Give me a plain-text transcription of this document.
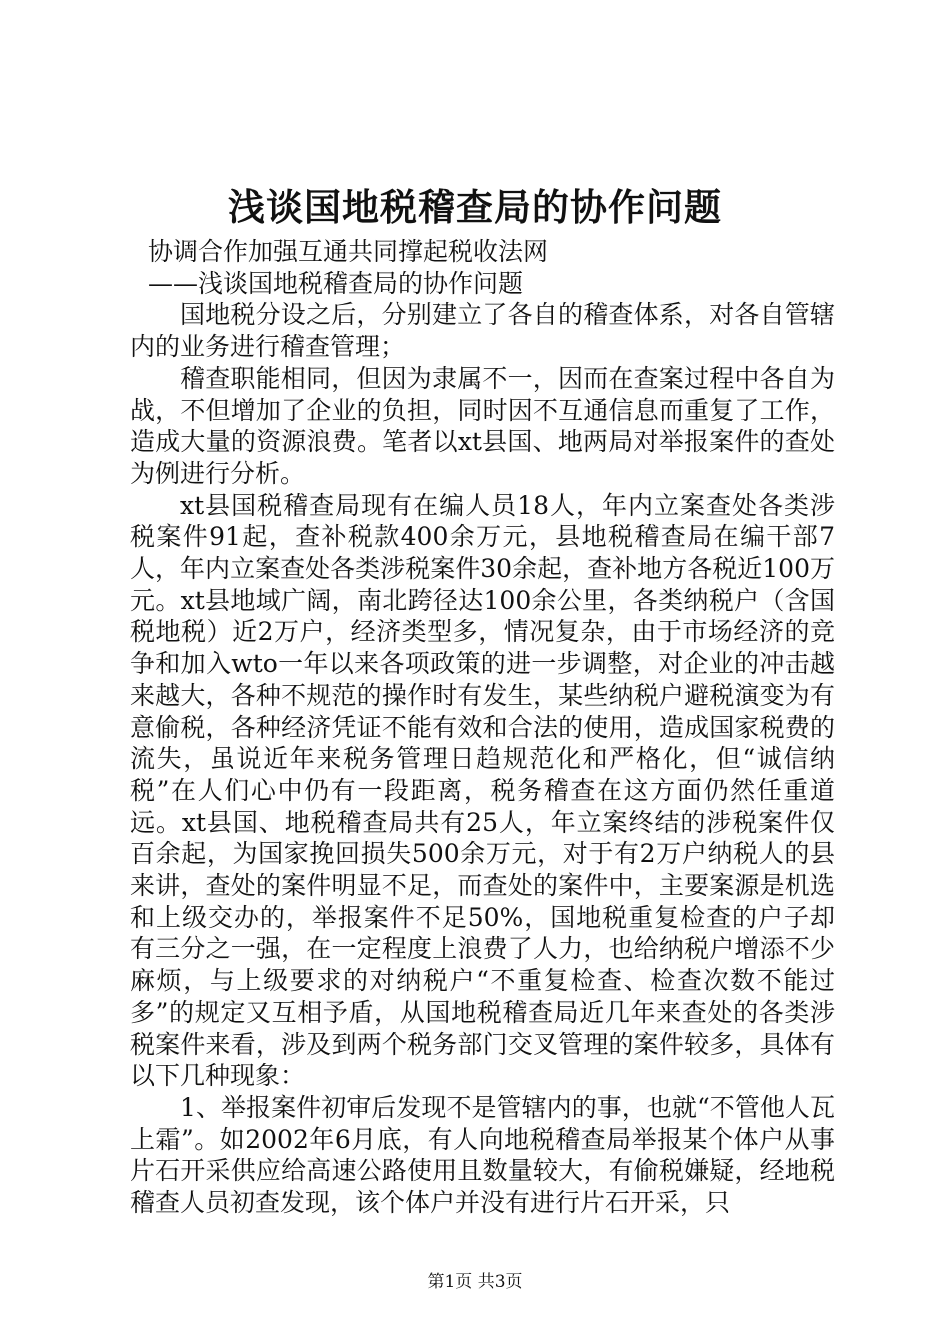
浅谈国地税稽查局的协作问题

协调合作加强互通共同撑起税收法网

——浅谈国地税稽查局的协作问题

国地税分设之后，分别建立了各自的稽查体系，对各自管辖内的业务进行稽查管理；

稽查职能相同，但因为隶属不一，因而在查案过程中各自为战，不但增加了企业的负担，同时因不互通信息而重复了工作，造成大量的资源浪费。笔者以xt县国、地两局对举报案件的查处为例进行分析。

xt县国税稽查局现有在编人员18人，年内立案查处各类涉税案件91起，查补税款400余万元，县地税稽查局在编干部7人，年内立案查处各类涉税案件30余起，查补地方各税近100万元。xt县地域广阔，南北跨径达100余公里，各类纳税户（含国税地税）近2万户，经济类型多，情况复杂，由于市场经济的竞争和加入wto一年以来各项政策的进一步调整，对企业的冲击越来越大，各种不规范的操作时有发生，某些纳税户避税演变为有意偷税，各种经济凭证不能有效和合法的使用，造成国家税费的流失，虽说近年来税务管理日趋规范化和严格化，但“诚信纳税”在人们心中仍有一段距离，税务稽查在这方面仍然任重道远。xt县国、地税稽查局共有25人，年立案终结的涉税案件仅百余起，为国家挽回损失500余万元，对于有2万户纳税人的县来讲，查处的案件明显不足，而查处的案件中，主要案源是机选和上级交办的，举报案件不足50%，国地税重复检查的户子却有三分之一强，在一定程度上浪费了人力，也给纳税户增添不少麻烦，与上级要求的对纳税户“不重复检查、检查次数不能过多”的规定又互相予盾，从国地税稽查局近几年来查处的各类涉税案件来看，涉及到两个税务部门交叉管理的案件较多，具体有以下几种现象：

1、举报案件初审后发现不是管辖内的事，也就“不管他人瓦上霜”。如2002年6月底，有人向地税稽查局举报某个体户从事片石开采供应给高速公路使用且数量较大，有偷税嫌疑，经地税稽查人员初查发现，该个体户并没有进行片石开采，只

第1页 共3页
